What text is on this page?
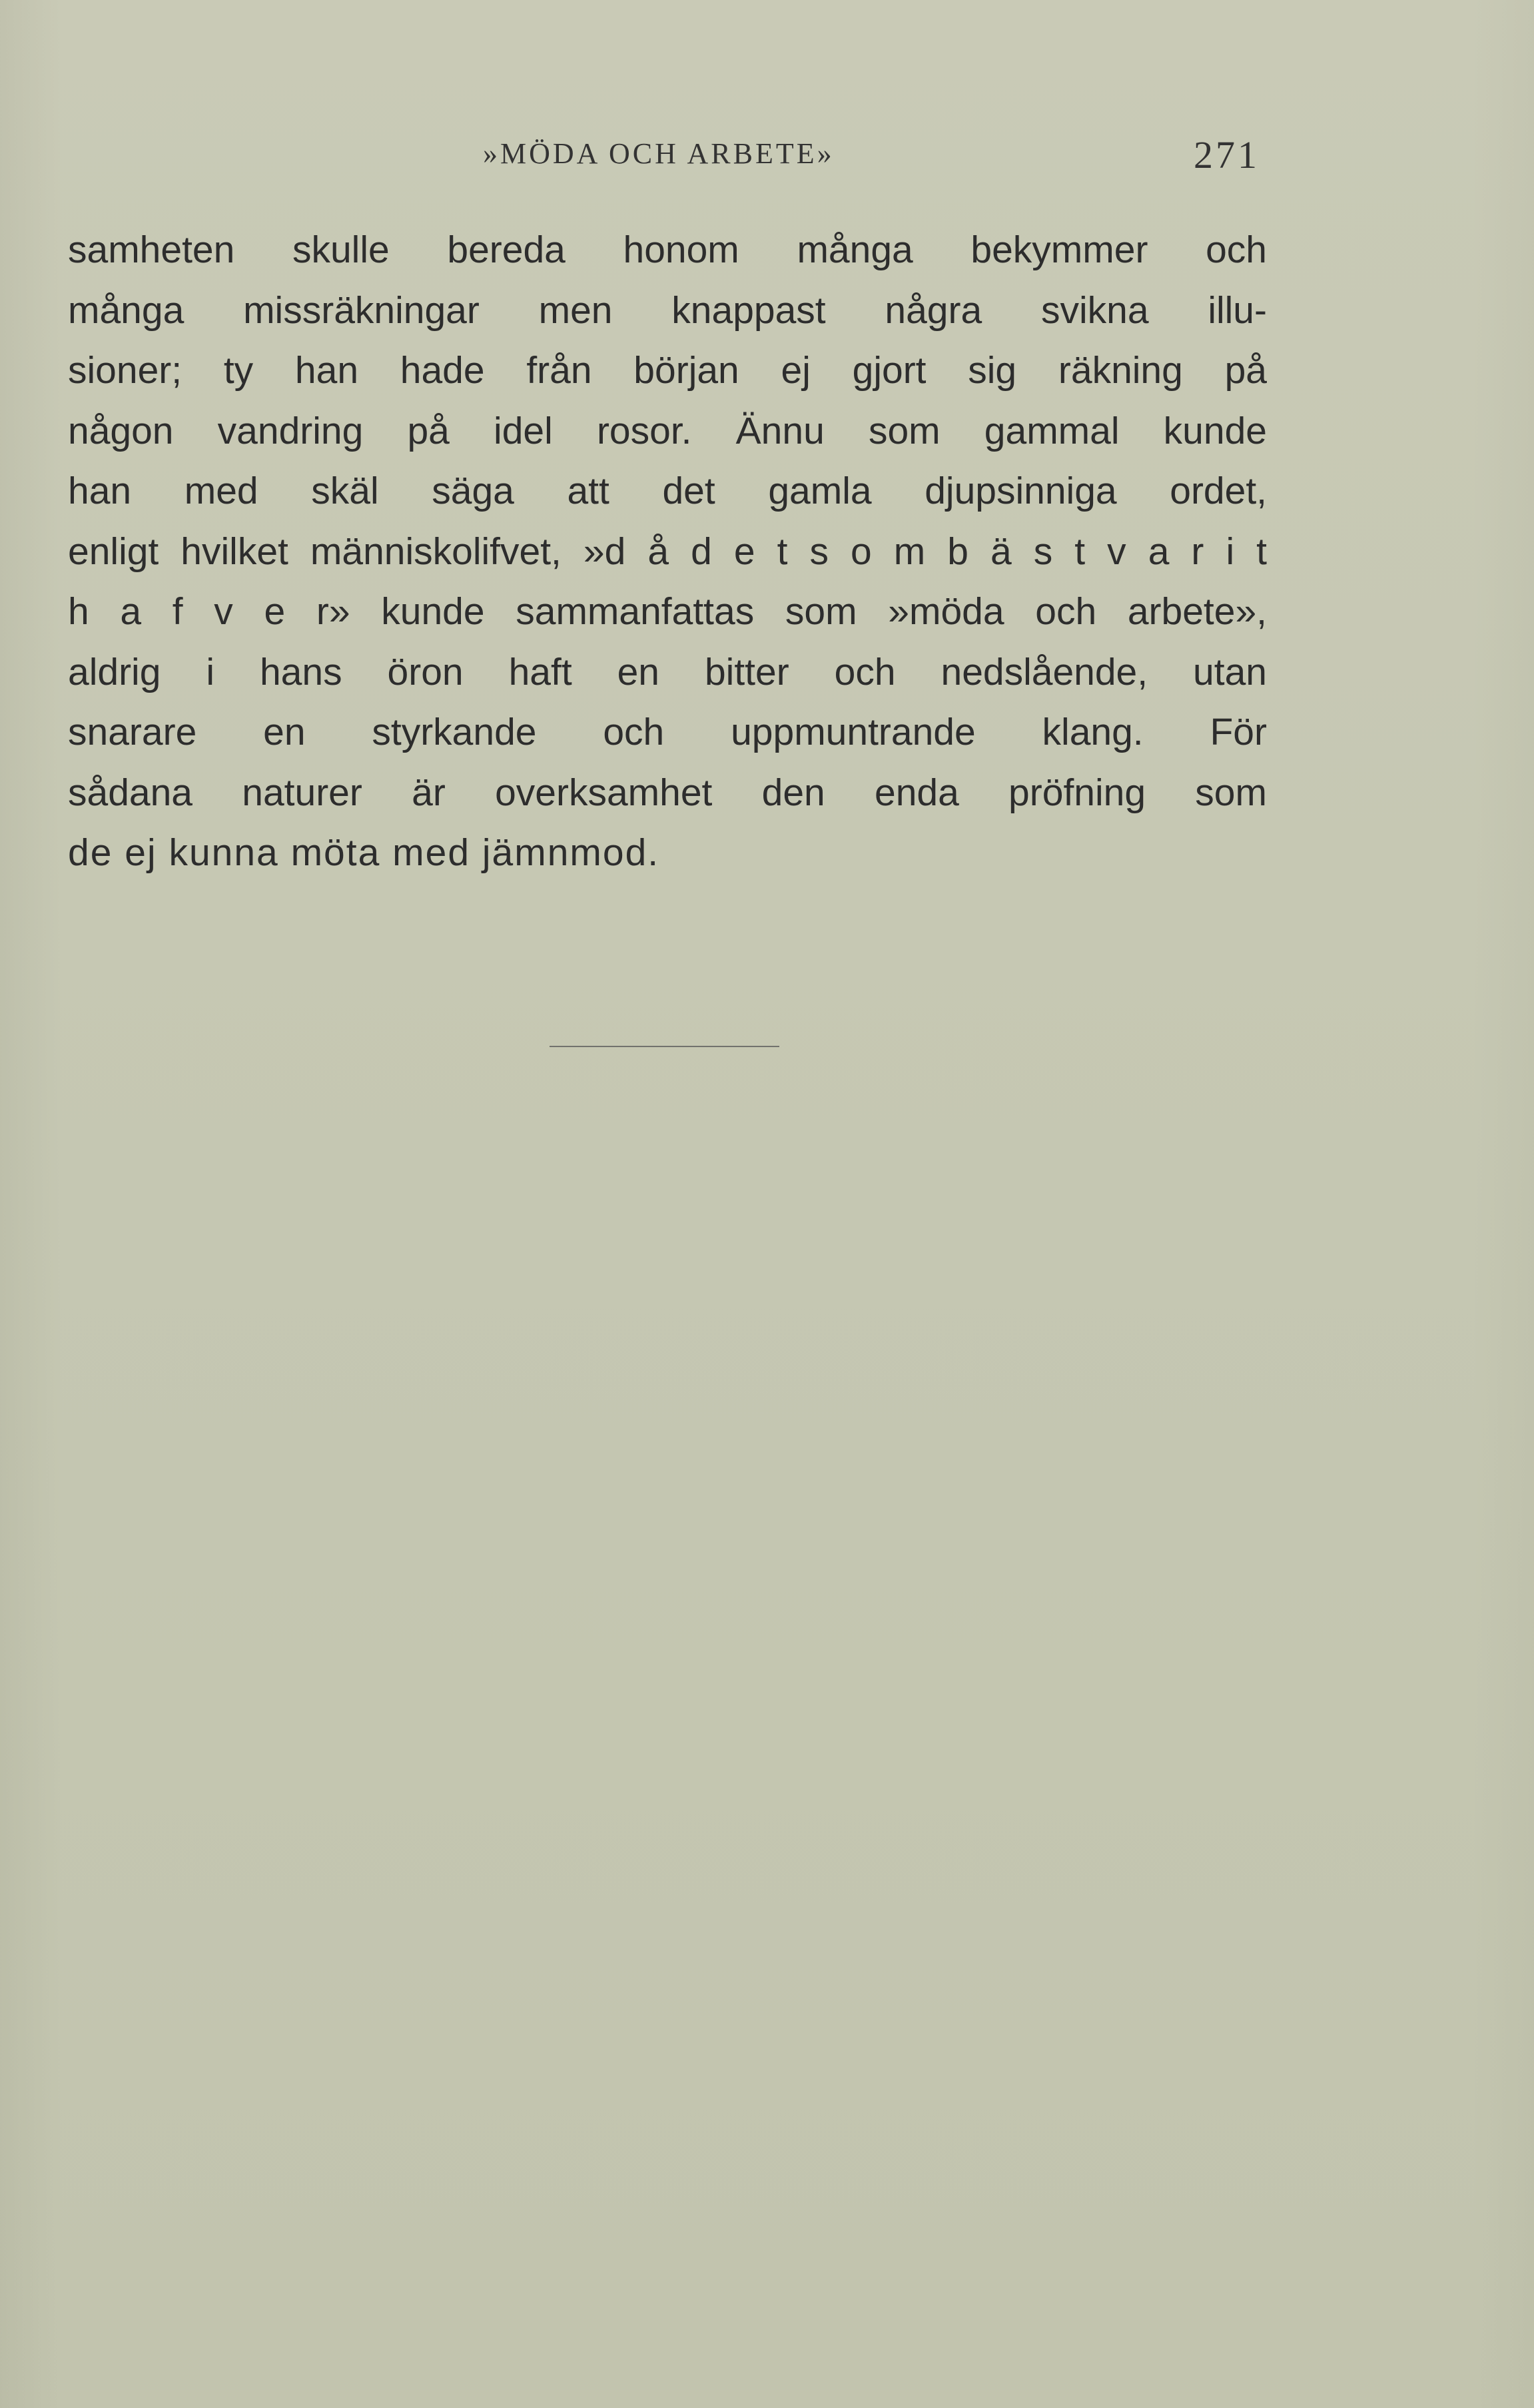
»MÖDA OCH ARBETE»	271
samheten skulle bereda honom många bekymmer och
många missräkningar men knappast några svikna illu-
sioner; ty han hade från början ej gjort sig räkning på
någon vandring på idel rosor. Ännu som gammal kunde
han med skäl säga att det gamla djupsinniga ordet,
enligt hvilket människolifvet, »d å d e t s o m b ä s t v a r i t
h a f v e r» kunde sammanfattas som »möda och arbete»,
aldrig i hans öron haft en bitter och nedslående, utan
snarare en styrkande och uppmuntrande klang. För
sådana naturer är overksamhet den enda pröfning som
de ej kunna möta med jämnmod.
